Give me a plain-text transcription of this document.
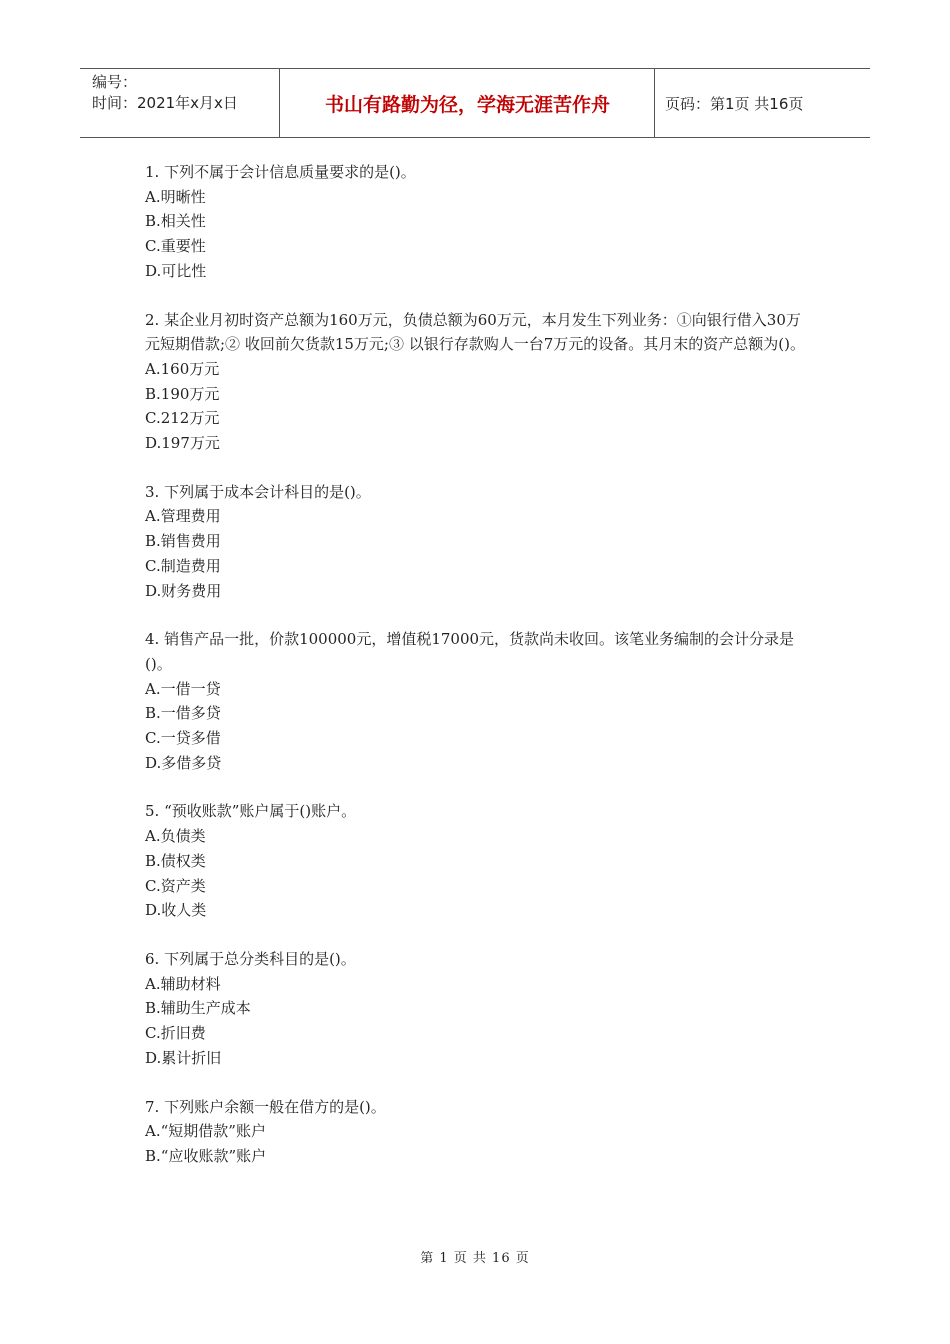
编号：
时间：2021年x月x日	书山有路勤为径，学海无涯苦作舟	页码：第1页 共16页

1. 下列不属于会计信息质量要求的是()。

A.明晰性

B.相关性

C.重要性

D.可比性

2. 某企业月初时资产总额为160万元，负债总额为60万元，本月发生下列业务：①向银行借入30万元短期借款;② 收回前欠货款15万元;③ 以银行存款购人一台7万元的设备。其月末的资产总额为()。

A.160万元

B.190万元

C.212万元

D.197万元

3. 下列属于成本会计科目的是()。

A.管理费用

B.销售费用

C.制造费用

D.财务费用

4. 销售产品一批，价款100000元，增值税17000元，货款尚未收回。该笔业务编制的会计分录是()。

A.一借一贷

B.一借多贷

C.一贷多借

D.多借多贷

5. “预收账款”账户属于()账户。

A.负债类

B.债权类

C.资产类

D.收人类

6. 下列属于总分类科目的是()。

A.辅助材料

B.辅助生产成本

C.折旧费

D.累计折旧

7. 下列账户余额一般在借方的是()。

A.“短期借款”账户

B.“应收账款”账户

第 1 页 共 16 页
